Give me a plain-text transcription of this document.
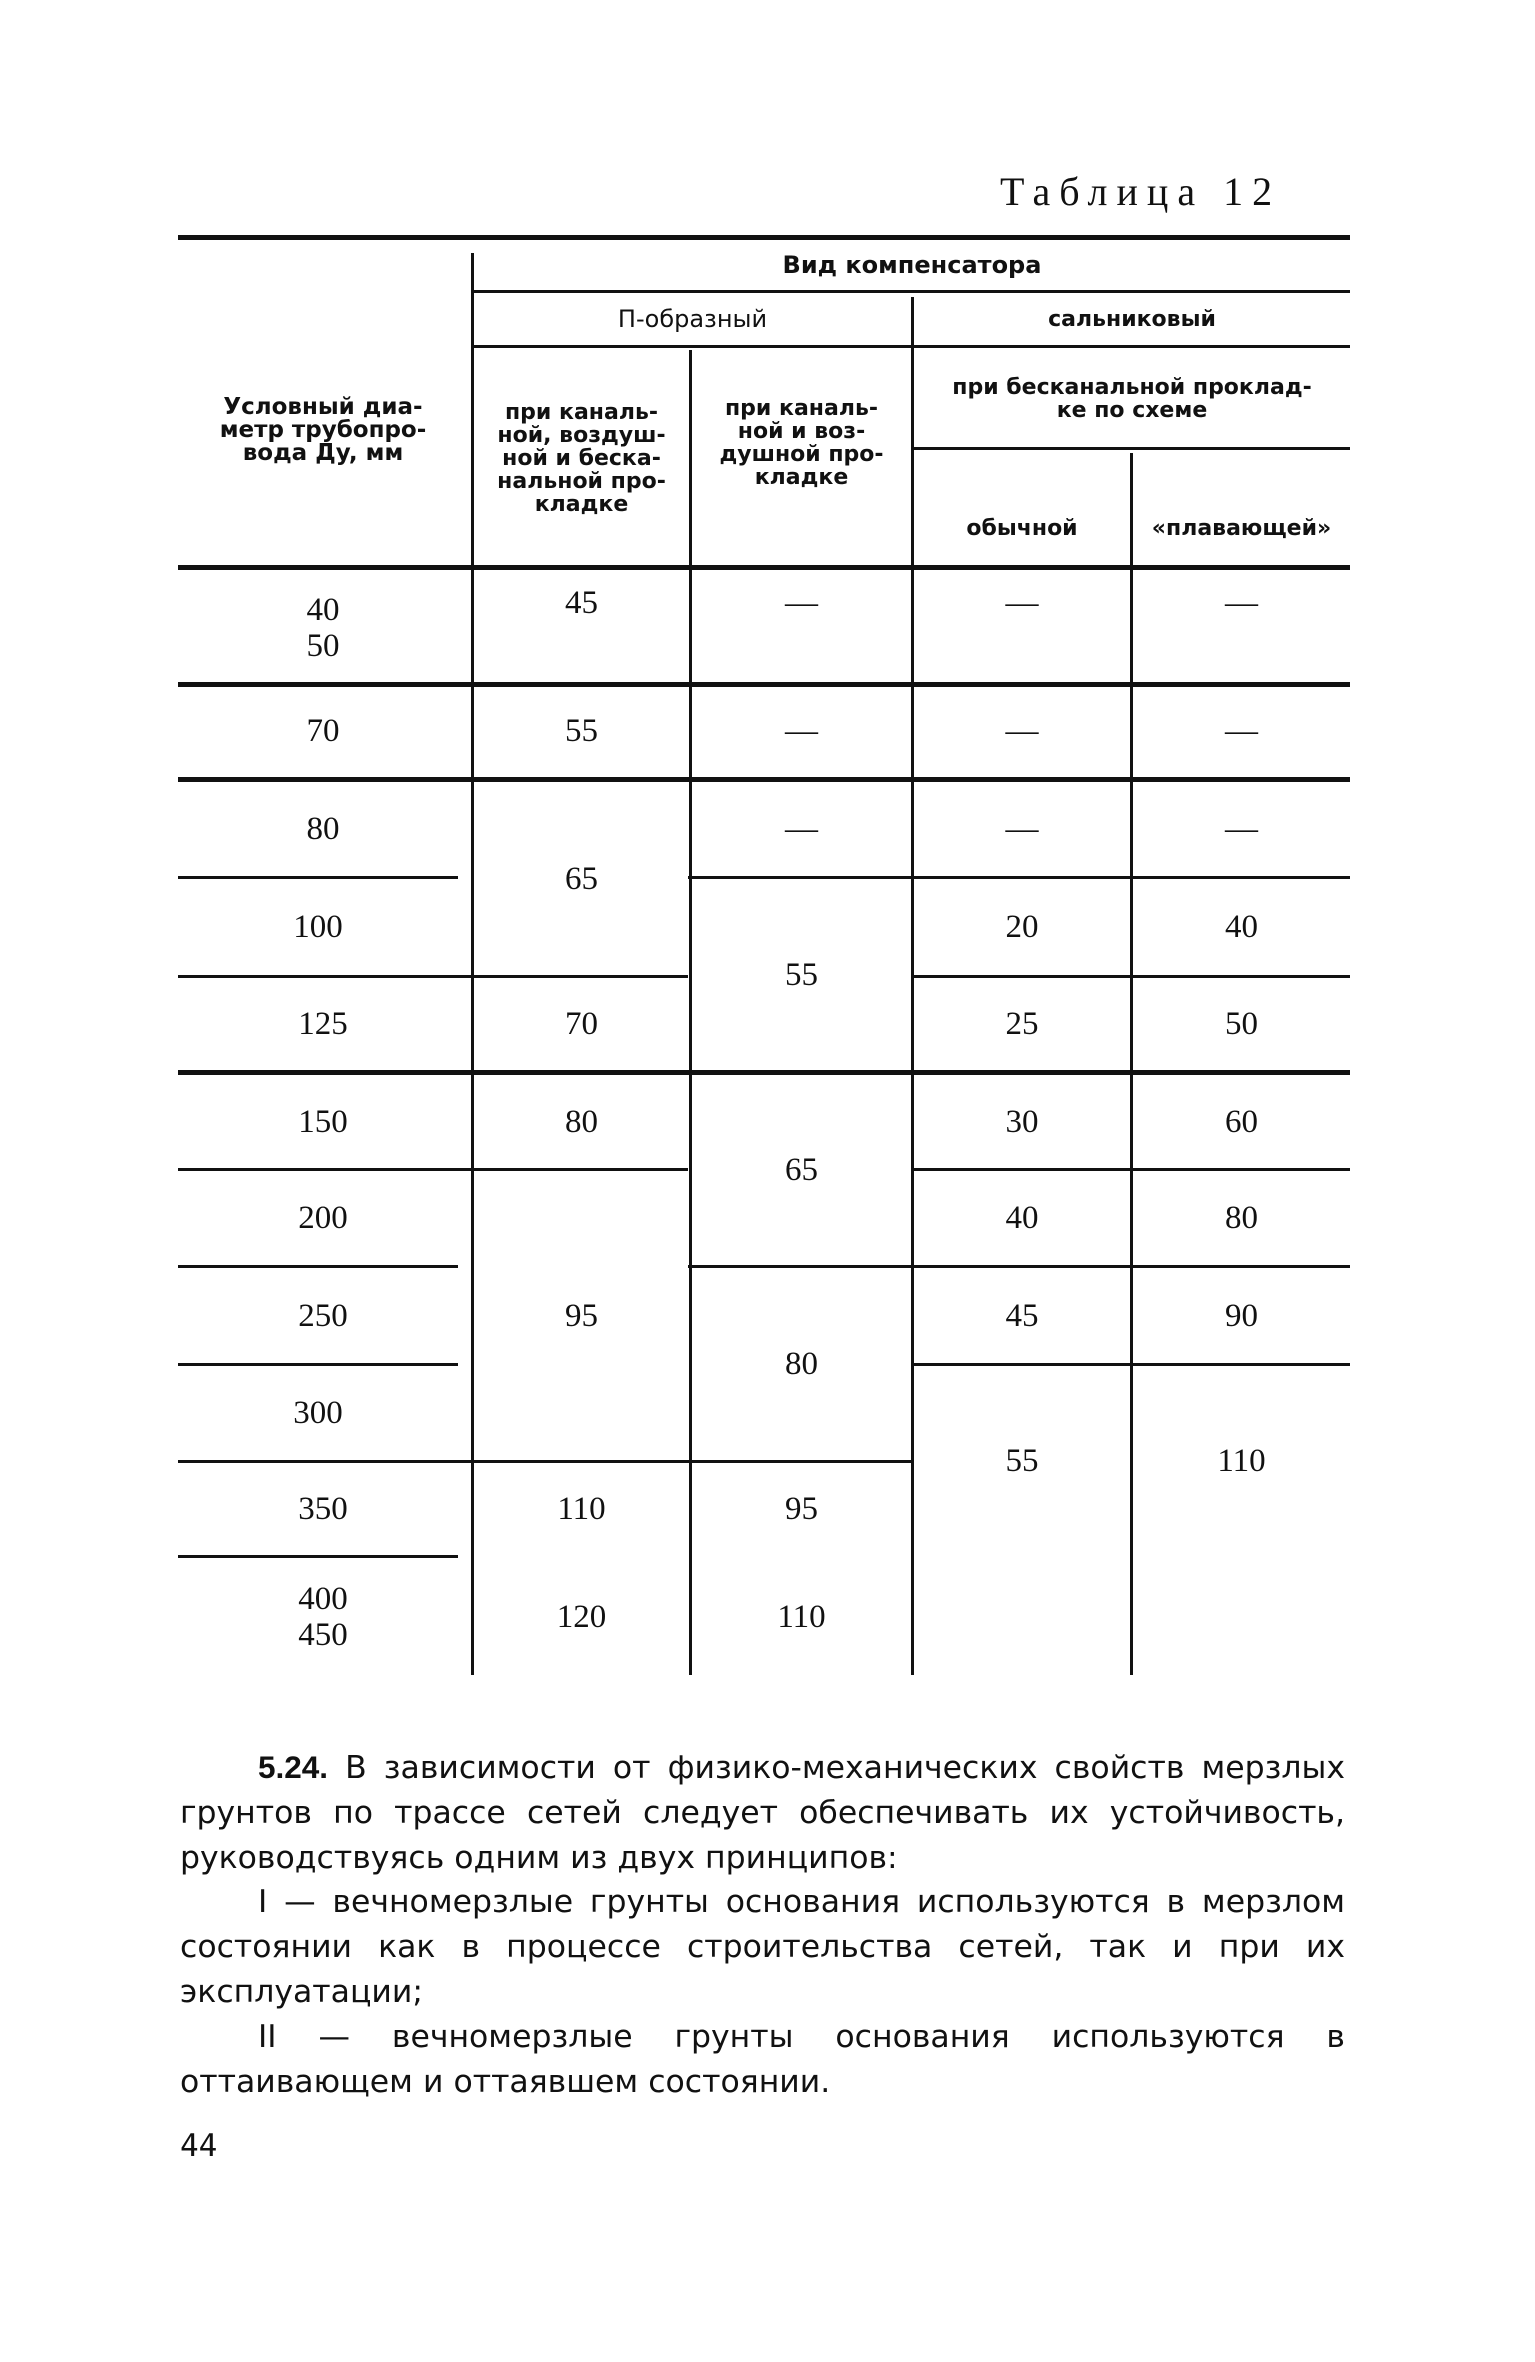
Таблица 12
Условный диа-
метр трубопро-
вода Дy, мм
Вид компенсатора
П-образный
при каналь-
ной, воздуш-
ной и беска-
нальной про-
кладке
при каналь-
ной и воз-
душной про-
кладке
сальниковый
при бесканальной проклад-
ке по схеме
обычной	«плавающей»
40
50
70
80
100
125
150
200
250
300
350
400
450
45
55
65
70
80
95
110
120
—
—
—
55
65
80
95
110
—
—
—
20
25
30
40
45
55
—
—
—
40
50
60
80
90
110
5.24. В зависимости от физико-механических свойств мерзлых грунтов по трассе сетей следует обеспечивать их устойчивость, руководствуясь одним из двух принципов:
I — вечномерзлые грунты основания используются в мерзлом состоянии как в процессе строительства сетей, так и при их эксплуатации;
II — вечномерзлые грунты основания используются в оттаивающем и оттаявшем состоянии.
44
